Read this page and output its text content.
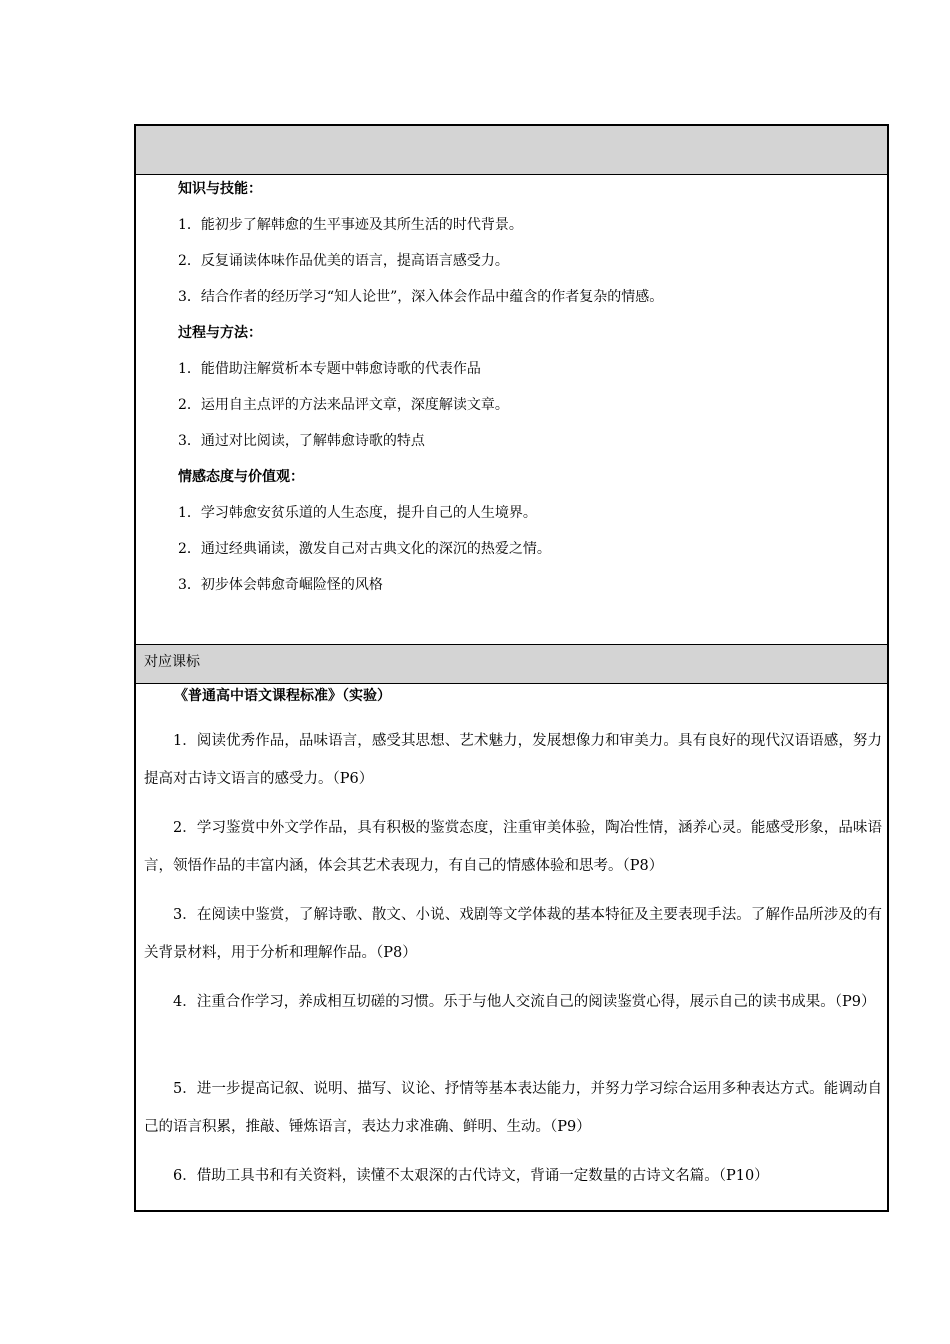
知识与技能：
1．能初步了解韩愈的生平事迹及其所生活的时代背景。
2．反复诵读体味作品优美的语言，提高语言感受力。
3．结合作者的经历学习“知人论世”，深入体会作品中蕴含的作者复杂的情感。
过程与方法：
1．能借助注解赏析本专题中韩愈诗歌的代表作品
2．运用自主点评的方法来品评文章，深度解读文章。
3．通过对比阅读，了解韩愈诗歌的特点
情感态度与价值观：
1．学习韩愈安贫乐道的人生态度，提升自己的人生境界。
2．通过经典诵读，激发自己对古典文化的深沉的热爱之情。
3．初步体会韩愈奇崛险怪的风格
对应课标
《普通高中语文课程标准》（实验）
1．阅读优秀作品，品味语言，感受其思想、艺术魅力，发展想像力和审美力。具有良好的现代汉语语感，努力提高对古诗文语言的感受力。（P6）
2．学习鉴赏中外文学作品，具有积极的鉴赏态度，注重审美体验，陶冶性情，涵养心灵。能感受形象，品味语言，领悟作品的丰富内涵，体会其艺术表现力，有自己的情感体验和思考。（P8）
3．在阅读中鉴赏，了解诗歌、散文、小说、戏剧等文学体裁的基本特征及主要表现手法。了解作品所涉及的有关背景材料，用于分析和理解作品。（P8）
4．注重合作学习，养成相互切磋的习惯。乐于与他人交流自己的阅读鉴赏心得，展示自己的读书成果。（P9）
5．进一步提高记叙、说明、描写、议论、抒情等基本表达能力，并努力学习综合运用多种表达方式。能调动自己的语言积累，推敲、锤炼语言，表达力求准确、鲜明、生动。（P9）
6．借助工具书和有关资料，读懂不太艰深的古代诗文，背诵一定数量的古诗文名篇。（P10）
